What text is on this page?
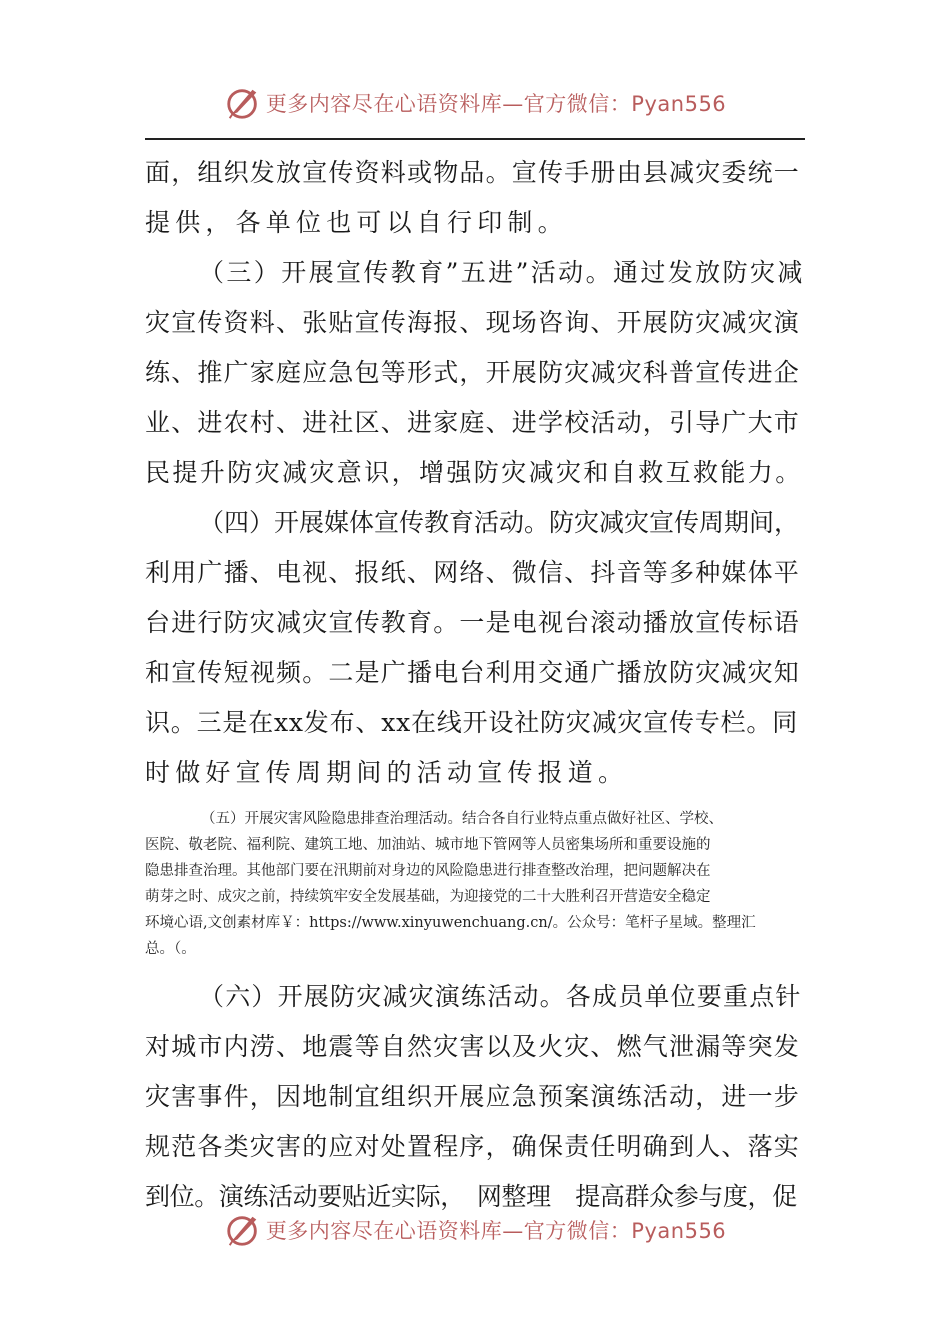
更多内容尽在心语资料库—官方微信：Pyan556
面，组织发放宣传资料或物品。宣传手册由县减灾委统一
提供，各单位也可以自行印制。
（三）开展宣传教育”五进”活动。通过发放防灾减
灾宣传资料、张贴宣传海报、现场咨询、开展防灾减灾演
练、推广家庭应急包等形式，开展防灾减灾科普宣传进企
业、进农村、进社区、进家庭、进学校活动，引导广大市
民提升防灾减灾意识，增强防灾减灾和自救互救能力。
（四）开展媒体宣传教育活动。防灾减灾宣传周期间，
利用广播、电视、报纸、网络、微信、抖音等多种媒体平
台进行防灾减灾宣传教育。一是电视台滚动播放宣传标语
和宣传短视频。二是广播电台利用交通广播放防灾减灾知
识。三是在xx发布、xx在线开设社防灾减灾宣传专栏。同
时做好宣传周期间的活动宣传报道。

（五）开展灾害风险隐患排查治理活动。结合各自行业特点重点做好社区、学校、

医院、敬老院、福利院、建筑工地、加油站、城市地下管网等人员密集场所和重要设施的

隐患排查治理。其他部门要在汛期前对身边的风险隐患进行排查整改治理，把问题解决在

萌芽之时、成灾之前，持续筑牢安全发展基础，为迎接党的二十大胜利召开营造安全稳定

环境心语,文创素材库￥：https://www.xinyuwenchuang.cn/。公众号：笔杆子星域。整理汇

总。（。

（六）开展防灾减灾演练活动。各成员单位要重点针
对城市内涝、地震等自然灾害以及火灾、燃气泄漏等突发
灾害事件，因地制宜组织开展应急预案演练活动，进一步
规范各类灾害的应对处置程序，确保责任明确到人、落实
到位。演练活动要贴近实际，　网整理　提高群众参与度，促
更多内容尽在心语资料库—官方微信：Pyan556
